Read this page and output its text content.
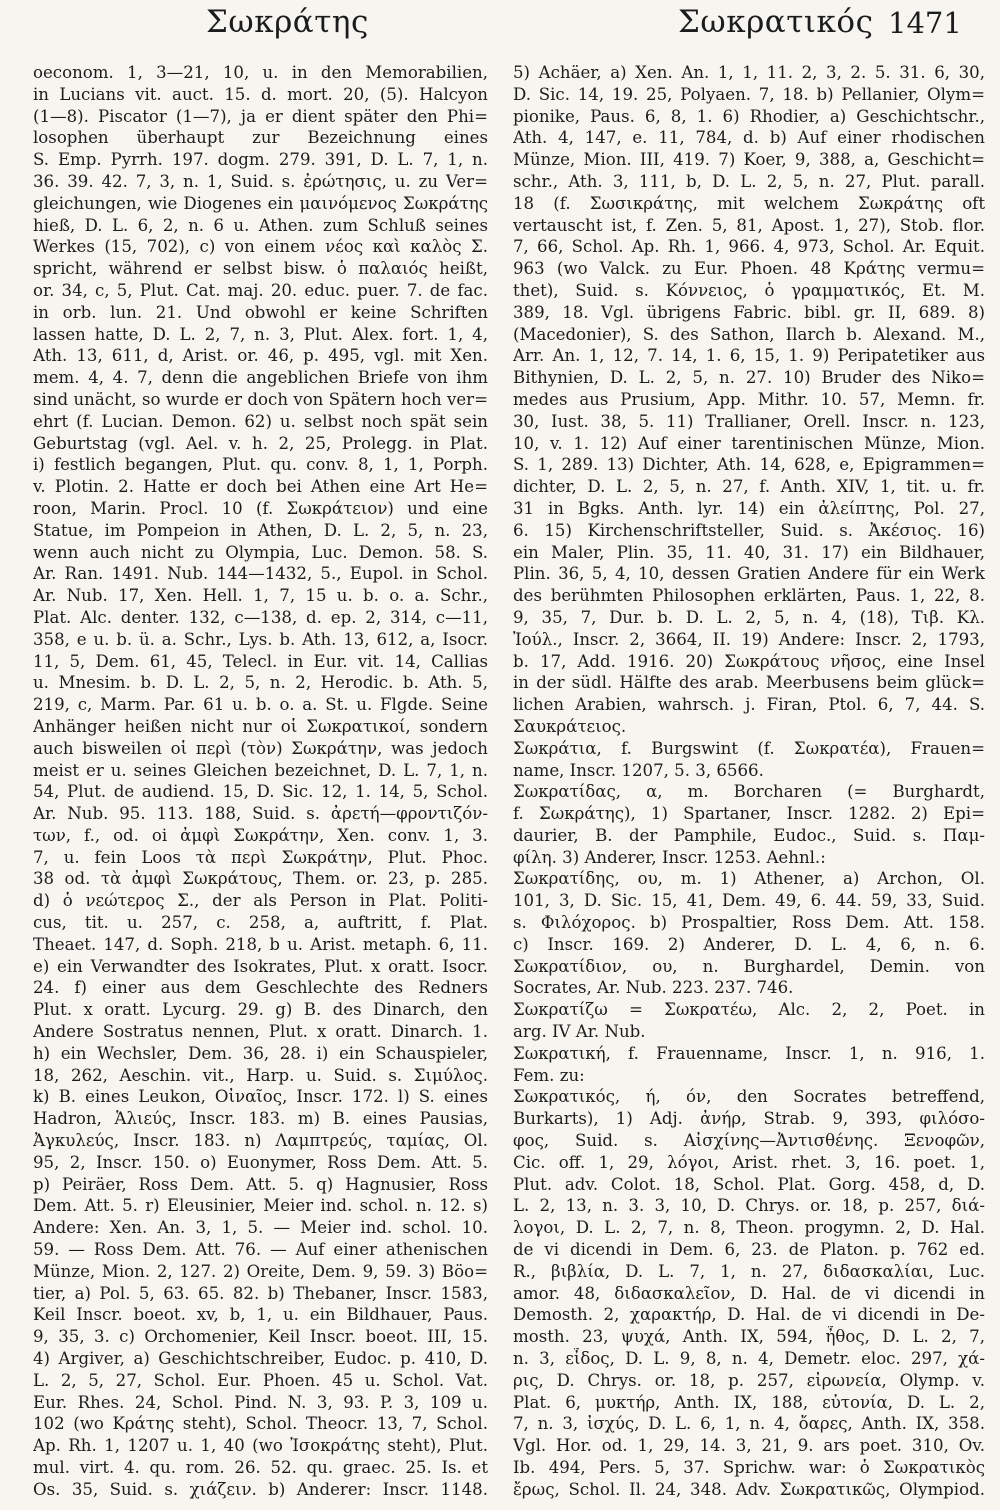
Σωκράτης	Σωκρατικός 1471
oeconom. 1, 3—21, 10, u. in den Memorabilien,
in Lucians vit. auct. 15. d. mort. 20, (5). Halcyon
(1—8). Piscator (1—7), ja er dient später den Phi=
losophen überhaupt zur Bezeichnung eines
S. Emp. Pyrrh. 197. dogm. 279. 391, D. L. 7, 1, n.
36. 39. 42. 7, 3, n. 1, Suid. s. ἐρώτησις, u. zu Ver=
gleichungen, wie Diogenes ein μαινόμενος Σωκράτης
hieß, D. L. 6, 2, n. 6 u. Athen. zum Schluß seines
Werkes (15, 702), c) von einem νέος καὶ καλὸς Σ.
spricht, während er selbst bisw. ὁ παλαιός heißt,
or. 34, c, 5, Plut. Cat. maj. 20. educ. puer. 7. de fac.
in orb. lun. 21. Und obwohl er keine Schriften
lassen hatte, D. L. 2, 7, n. 3, Plut. Alex. fort. 1, 4,
Ath. 13, 611, d, Arist. or. 46, p. 495, vgl. mit Xen.
mem. 4, 4. 7, denn die angeblichen Briefe von ihm
sind unächt, so wurde er doch von Spätern hoch ver=
ehrt (f. Lucian. Demon. 62) u. selbst noch spät sein
Geburtstag (vgl. Ael. v. h. 2, 25, Prolegg. in Plat.
i) festlich begangen, Plut. qu. conv. 8, 1, 1, Porph.
v. Plotin. 2. Hatte er doch bei Athen eine Art He=
roon, Marin. Procl. 10 (f. Σωκράτειον) und eine
Statue, im Pompeion in Athen, D. L. 2, 5, n. 23,
wenn auch nicht zu Olympia, Luc. Demon. 58. S.
Ar. Ran. 1491. Nub. 144—1432, 5., Eupol. in Schol.
Ar. Nub. 17, Xen. Hell. 1, 7, 15 u. b. o. a. Schr.,
Plat. Alc. denter. 132, c—138, d. ep. 2, 314, c—11,
358, e u. b. ü. a. Schr., Lys. b. Ath. 13, 612, a, Isocr.
11, 5, Dem. 61, 45, Telecl. in Eur. vit. 14, Callias
u. Mnesim. b. D. L. 2, 5, n. 2, Herodic. b. Ath. 5,
219, c, Marm. Par. 61 u. b. o. a. St. u. Flgde. Seine
Anhänger heißen nicht nur οἱ Σωκρατικοί, sondern
auch bisweilen οἱ περὶ (τὸν) Σωκράτην, was jedoch
meist er u. seines Gleichen bezeichnet, D. L. 7, 1, n.
54, Plut. de audiend. 15, D. Sic. 12, 1. 14, 5, Schol.
Ar. Nub. 95. 113. 188, Suid. s. ἀρετή—φροντιζόν-
των, f., od. oi ἀμφὶ Σωκράτην, Xen. conv. 1, 3.
7, u. fein Loos τὰ περὶ Σωκράτην, Plut. Phoc.
38 od. τὰ ἀμφὶ Σωκράτους, Them. or. 23, p. 285.
d) ὁ νεώτερος Σ., der als Person in Plat. Politi-
cus, tit. u. 257, c. 258, a, auftritt, f. Plat.
Theaet. 147, d. Soph. 218, b u. Arist. metaph. 6, 11.
e) ein Verwandter des Isokrates, Plut. x oratt. Isocr.
24. f) einer aus dem Geschlechte des Redners
Plut. x oratt. Lycurg. 29. g) B. des Dinarch, den
Andere Sostratus nennen, Plut. x oratt. Dinarch. 1.
h) ein Wechsler, Dem. 36, 28. i) ein Schauspieler,
18, 262, Aeschin. vit., Harp. u. Suid. s. Σιμύλος.
k) B. eines Leukon, Οἰναῖος, Inscr. 172. l) S. eines
Hadron, Ἁλιεύς, Inscr. 183. m) B. eines Pausias,
Ἀγκυλεύς, Inscr. 183. n) Λαμπτρεύς, ταμίας, Ol.
95, 2, Inscr. 150. o) Euonymer, Ross Dem. Att. 5.
p) Peiräer, Ross Dem. Att. 5. q) Hagnusier, Ross
Dem. Att. 5. r) Eleusinier, Meier ind. schol. n. 12. s)
Andere: Xen. An. 3, 1, 5. — Meier ind. schol. 10.
59. — Ross Dem. Att. 76. — Auf einer athenischen
Münze, Mion. 2, 127. 2) Oreite, Dem. 9, 59. 3) Böo=
tier, a) Pol. 5, 63. 65. 82. b) Thebaner, Inscr. 1583,
Keil Inscr. boeot. xv, b, 1, u. ein Bildhauer, Paus.
9, 35, 3. c) Orchomenier, Keil Inscr. boeot. III, 15.
4) Argiver, a) Geschichtschreiber, Eudoc. p. 410, D.
L. 2, 5, 27, Schol. Eur. Phoen. 45 u. Schol. Vat.
Eur. Rhes. 24, Schol. Pind. N. 3, 93. P. 3, 109 u.
102 (wo Κράτης steht), Schol. Theocr. 13, 7, Schol.
Ap. Rh. 1, 1207 u. 1, 40 (wo Ἰσοκράτης steht), Plut.
mul. virt. 4. qu. rom. 26. 52. qu. graec. 25. Is. et
Os. 35, Suid. s. χιάζειν. b) Anderer: Inscr. 1148.
5) Achäer, a) Xen. An. 1, 1, 11. 2, 3, 2. 5. 31. 6, 30,
D. Sic. 14, 19. 25, Polyaen. 7, 18. b) Pellanier, Olym=
pionike, Paus. 6, 8, 1. 6) Rhodier, a) Geschichtschr.,
Ath. 4, 147, e. 11, 784, d. b) Auf einer rhodischen
Münze, Mion. III, 419. 7) Koer, 9, 388, a, Geschicht=
schr., Ath. 3, 111, b, D. L. 2, 5, n. 27, Plut. parall.
18 (f. Σωσικράτης, mit welchem Σωκράτης oft
vertauscht ist, f. Zen. 5, 81, Apost. 1, 27), Stob. flor.
7, 66, Schol. Ap. Rh. 1, 966. 4, 973, Schol. Ar. Equit.
963 (wo Valck. zu Eur. Phoen. 48 Κράτης vermu=
thet), Suid. s. Κόννειος, ὁ γραμματικός, Et. M.
389, 18. Vgl. übrigens Fabric. bibl. gr. II, 689. 8)
(Macedonier), S. des Sathon, Ilarch b. Alexand. M.,
Arr. An. 1, 12, 7. 14, 1. 6, 15, 1. 9) Peripatetiker aus
Bithynien, D. L. 2, 5, n. 27. 10) Bruder des Niko=
medes aus Prusium, App. Mithr. 10. 57, Memn. fr.
30, Iust. 38, 5. 11) Trallianer, Orell. Inscr. n. 123,
10, v. 1. 12) Auf einer tarentinischen Münze, Mion.
S. 1, 289. 13) Dichter, Ath. 14, 628, e, Epigrammen=
dichter, D. L. 2, 5, n. 27, f. Anth. XIV, 1, tit. u. fr.
31 in Bgks. Anth. lyr. 14) ein ἀλείπτης, Pol. 27,
6. 15) Kirchenschriftsteller, Suid. s. Ἀκέσιος. 16)
ein Maler, Plin. 35, 11. 40, 31. 17) ein Bildhauer,
Plin. 36, 5, 4, 10, dessen Gratien Andere für ein Werk
des berühmten Philosophen erklärten, Paus. 1, 22, 8.
9, 35, 7, Dur. b. D. L. 2, 5, n. 4, (18), Τιβ. Κλ.
Ἰούλ., Inscr. 2, 3664, II. 19) Andere: Inscr. 2, 1793,
b. 17, Add. 1916. 20) Σωκράτους νῆσος, eine Insel
in der südl. Hälfte des arab. Meerbusens beim glück=
lichen Arabien, wahrsch. j. Firan, Ptol. 6, 7, 44. S.
Σαυκράτειος.
Σωκράτια, f. Burgswint (f. Σωκρατέα), Frauen=
name, Inscr. 1207, 5. 3, 6566.
Σωκρατίδας, α, m. Borcharen (= Burghardt,
f. Σωκράτης), 1) Spartaner, Inscr. 1282. 2) Epi=
daurier, B. der Pamphile, Eudoc., Suid. s. Παμ-
φίλη. 3) Anderer, Inscr. 1253. Aehnl.:
Σωκρατίδης, ου, m. 1) Athener, a) Archon, Ol.
101, 3, D. Sic. 15, 41, Dem. 49, 6. 44. 59, 33, Suid.
s. Φιλόχορος. b) Prospaltier, Ross Dem. Att. 158.
c) Inscr. 169. 2) Anderer, D. L. 4, 6, n. 6.
Σωκρατίδιον, ου, n. Burghardel, Demin. von
Socrates, Ar. Nub. 223. 237. 746.
Σωκρατίζω = Σωκρατέω, Alc. 2, 2, Poet. in
arg. IV Ar. Nub.
Σωκρατική, f. Frauenname, Inscr. 1, n. 916, 1.
Fem. zu:
Σωκρατικός, ή, όν, den Socrates betreffend,
Burkarts), 1) Adj. ἀνήρ, Strab. 9, 393, φιλόσο-
φος, Suid. s. Αἰσχίνης—Ἀντισθένης. Ξενοφῶν,
Cic. off. 1, 29, λόγοι, Arist. rhet. 3, 16. poet. 1,
Plut. adv. Colot. 18, Schol. Plat. Gorg. 458, d, D.
L. 2, 13, n. 3. 3, 10, D. Chrys. or. 18, p. 257, διά-
λογοι, D. L. 2, 7, n. 8, Theon. progymn. 2, D. Hal.
de vi dicendi in Dem. 6, 23. de Platon. p. 762 ed.
R., βιβλία, D. L. 7, 1, n. 27, διδασκαλίαι, Luc.
amor. 48, διδασκαλεῖον, D. Hal. de vi dicendi in
Demosth. 2, χαρακτήρ, D. Hal. de vi dicendi in De-
mosth. 23, ψυχά, Anth. IX, 594, ἦθος, D. L. 2, 7,
n. 3, εἶδος, D. L. 9, 8, n. 4, Demetr. eloc. 297, χά-
ρις, D. Chrys. or. 18, p. 257, εἰρωνεία, Olymp. v.
Plat. 6, μυκτήρ, Anth. IX, 188, εὐτονία, D. L. 2,
7, n. 3, ἰσχύς, D. L. 6, 1, n. 4, ὄαρες, Anth. IX, 358.
Vgl. Hor. od. 1, 29, 14. 3, 21, 9. ars poet. 310, Ov.
Ib. 494, Pers. 5, 37. Sprichw. war: ὁ Σωκρατικὸς
ἔρως, Schol. Il. 24, 348. Adv. Σωκρατικῶς, Olympiod.
